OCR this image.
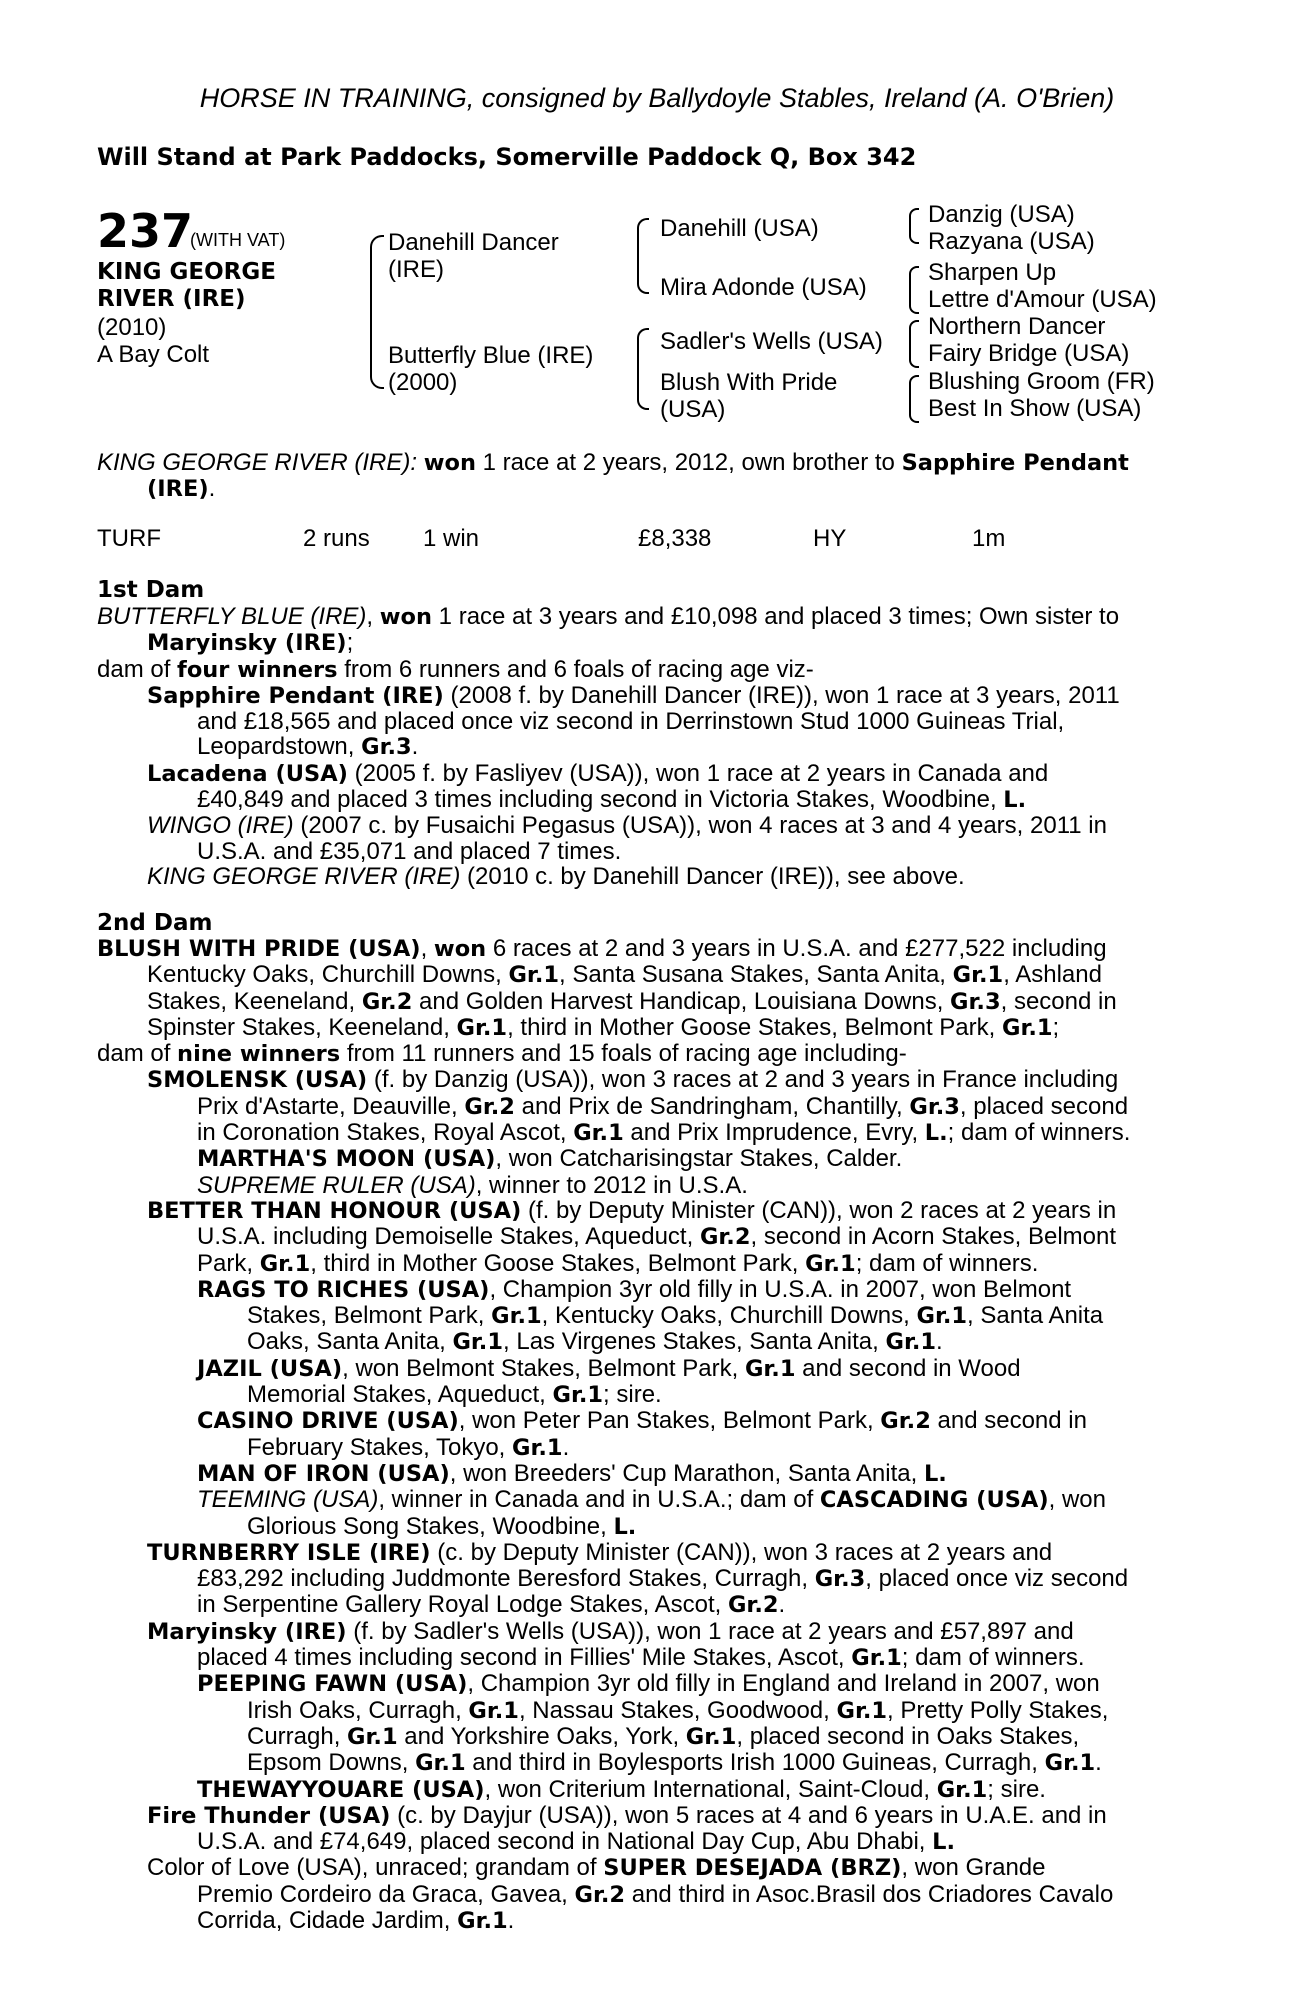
HORSE IN TRAINING, consigned by Ballydoyle Stables, Ireland (A. O'Brien)
Will Stand at Park Paddocks, Somerville Paddock Q, Box 342
237
(WITH VAT)
KING GEORGE
RIVER (IRE)
(2010)
A Bay Colt
Danehill Dancer
(IRE)
Butterfly Blue (IRE)
(2000)
Danehill (USA)
Mira Adonde (USA)
Sadler's Wells (USA)
Blush With Pride
(USA)
Danzig (USA)
Razyana (USA)
Sharpen Up
Lettre d'Amour (USA)
Northern Dancer
Fairy Bridge (USA)
Blushing Groom (FR)
Best In Show (USA)
KING GEORGE RIVER (IRE): won 1 race at 2 years, 2012, own brother to Sapphire Pendant
(IRE).
TURF	2 runs 1 win	£8,338	HY	1m
1st Dam
BUTTERFLY BLUE (IRE), won 1 race at 3 years and £10,098 and placed 3 times; Own sister to
Maryinsky (IRE);
dam of four winners from 6 runners and 6 foals of racing age viz-
Sapphire Pendant (IRE) (2008 f. by Danehill Dancer (IRE)), won 1 race at 3 years, 2011
and £18,565 and placed once viz second in Derrinstown Stud 1000 Guineas Trial,
Leopardstown, Gr.3.
Lacadena (USA) (2005 f. by Fasliyev (USA)), won 1 race at 2 years in Canada and
£40,849 and placed 3 times including second in Victoria Stakes, Woodbine, L.
WINGO (IRE) (2007 c. by Fusaichi Pegasus (USA)), won 4 races at 3 and 4 years, 2011 in
U.S.A. and £35,071 and placed 7 times.
KING GEORGE RIVER (IRE) (2010 c. by Danehill Dancer (IRE)), see above.
2nd Dam
BLUSH WITH PRIDE (USA), won 6 races at 2 and 3 years in U.S.A. and £277,522 including
Kentucky Oaks, Churchill Downs, Gr.1, Santa Susana Stakes, Santa Anita, Gr.1, Ashland
Stakes, Keeneland, Gr.2 and Golden Harvest Handicap, Louisiana Downs, Gr.3, second in
Spinster Stakes, Keeneland, Gr.1, third in Mother Goose Stakes, Belmont Park, Gr.1;
dam of nine winners from 11 runners and 15 foals of racing age including-
SMOLENSK (USA) (f. by Danzig (USA)), won 3 races at 2 and 3 years in France including
Prix d'Astarte, Deauville, Gr.2 and Prix de Sandringham, Chantilly, Gr.3, placed second
in Coronation Stakes, Royal Ascot, Gr.1 and Prix Imprudence, Evry, L.; dam of winners.
MARTHA'S MOON (USA), won Catcharisingstar Stakes, Calder.
SUPREME RULER (USA), winner to 2012 in U.S.A.
BETTER THAN HONOUR (USA) (f. by Deputy Minister (CAN)), won 2 races at 2 years in
U.S.A. including Demoiselle Stakes, Aqueduct, Gr.2, second in Acorn Stakes, Belmont
Park, Gr.1, third in Mother Goose Stakes, Belmont Park, Gr.1; dam of winners.
RAGS TO RICHES (USA), Champion 3yr old filly in U.S.A. in 2007, won Belmont
Stakes, Belmont Park, Gr.1, Kentucky Oaks, Churchill Downs, Gr.1, Santa Anita
Oaks, Santa Anita, Gr.1, Las Virgenes Stakes, Santa Anita, Gr.1.
JAZIL (USA), won Belmont Stakes, Belmont Park, Gr.1 and second in Wood
Memorial Stakes, Aqueduct, Gr.1; sire.
CASINO DRIVE (USA), won Peter Pan Stakes, Belmont Park, Gr.2 and second in
February Stakes, Tokyo, Gr.1.
MAN OF IRON (USA), won Breeders' Cup Marathon, Santa Anita, L.
TEEMING (USA), winner in Canada and in U.S.A.; dam of CASCADING (USA), won
Glorious Song Stakes, Woodbine, L.
TURNBERRY ISLE (IRE) (c. by Deputy Minister (CAN)), won 3 races at 2 years and
£83,292 including Juddmonte Beresford Stakes, Curragh, Gr.3, placed once viz second
in Serpentine Gallery Royal Lodge Stakes, Ascot, Gr.2.
Maryinsky (IRE) (f. by Sadler's Wells (USA)), won 1 race at 2 years and £57,897 and
placed 4 times including second in Fillies' Mile Stakes, Ascot, Gr.1; dam of winners.
PEEPING FAWN (USA), Champion 3yr old filly in England and Ireland in 2007, won
Irish Oaks, Curragh, Gr.1, Nassau Stakes, Goodwood, Gr.1, Pretty Polly Stakes,
Curragh, Gr.1 and Yorkshire Oaks, York, Gr.1, placed second in Oaks Stakes,
Epsom Downs, Gr.1 and third in Boylesports Irish 1000 Guineas, Curragh, Gr.1.
THEWAYYOUARE (USA), won Criterium International, Saint-Cloud, Gr.1; sire.
Fire Thunder (USA) (c. by Dayjur (USA)), won 5 races at 4 and 6 years in U.A.E. and in
U.S.A. and £74,649, placed second in National Day Cup, Abu Dhabi, L.
Color of Love (USA), unraced; grandam of SUPER DESEJADA (BRZ), won Grande
Premio Cordeiro da Graca, Gavea, Gr.2 and third in Asoc.Brasil dos Criadores Cavalo
Corrida, Cidade Jardim, Gr.1.
